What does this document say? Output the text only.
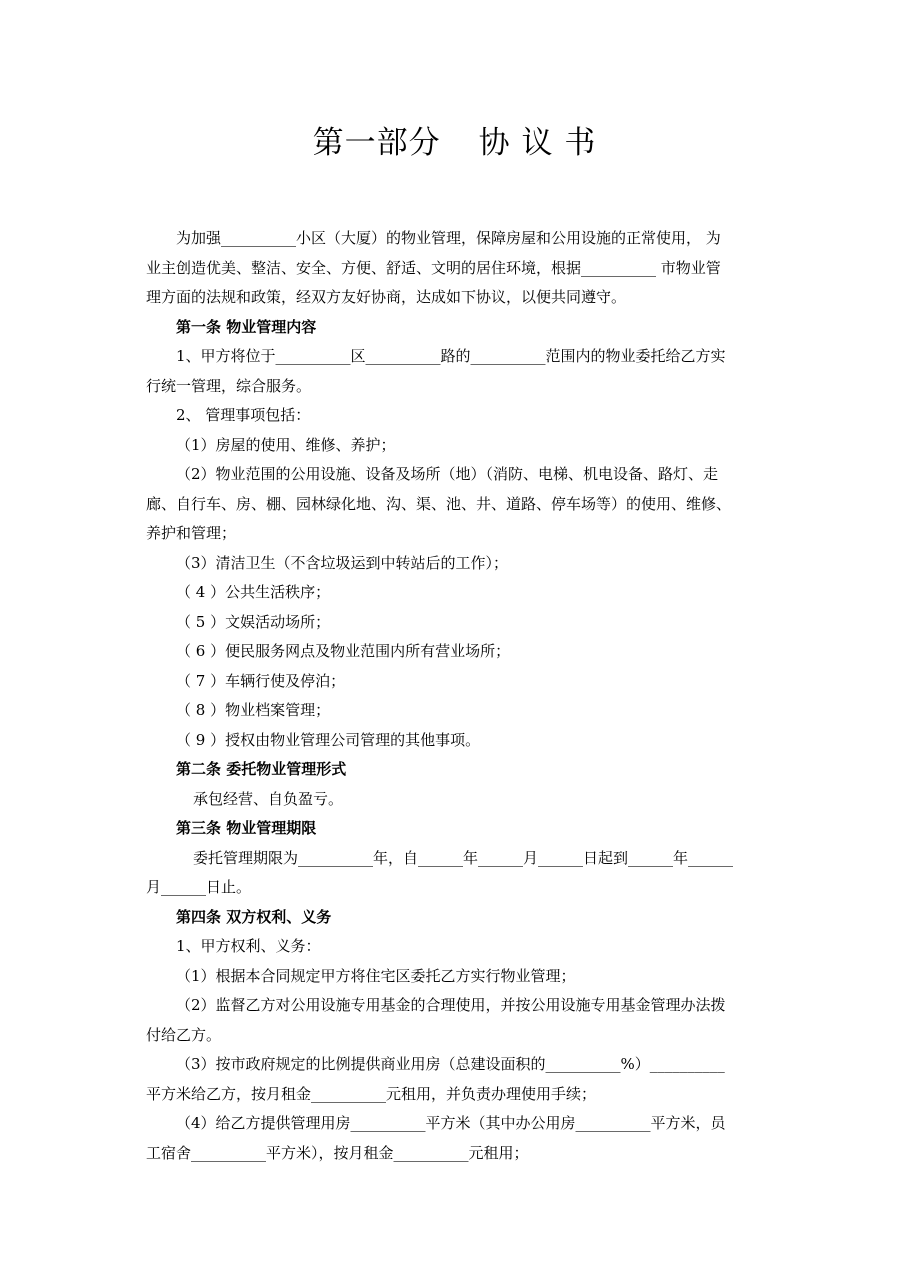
第一部分 协 议 书
为加强__________小区（大厦）的物业管理，保障房屋和公用设施的正常使用， 为
业主创造优美、整洁、安全、方便、舒适、文明的居住环境，根据__________ 市物业管
理方面的法规和政策，经双方友好协商，达成如下协议，以便共同遵守。
第一条 物业管理内容
1、甲方将位于__________区__________路的__________范围内的物业委托给乙方实
行统一管理，综合服务。
2、 管理事项包括：
（1）房屋的使用、维修、养护；
（2）物业范围的公用设施、设备及场所（地）（消防、电梯、机电设备、路灯、走
廊、自行车、房、棚、园林绿化地、沟、渠、池、井、道路、停车场等）的使用、维修、
养护和管理；
（3）清洁卫生（不含垃圾运到中转站后的工作）；
（ 4 ）公共生活秩序；
（ 5 ）文娱活动场所；
（ 6 ）便民服务网点及物业范围内所有营业场所；
（ 7 ）车辆行使及停泊；
（ 8 ）物业档案管理；
（ 9 ）授权由物业管理公司管理的其他事项。
第二条 委托物业管理形式
承包经营、自负盈亏。
第三条 物业管理期限
委托管理期限为__________年，自______年______月______日起到______年______
月______日止。
第四条 双方权利、义务
1、甲方权利、义务：
（1）根据本合同规定甲方将住宅区委托乙方实行物业管理；
（2）监督乙方对公用设施专用基金的合理使用，并按公用设施专用基金管理办法拨
付给乙方。
（3）按市政府规定的比例提供商业用房（总建设面积的__________%）__________
平方米给乙方，按月租金__________元租用，并负责办理使用手续；
（4）给乙方提供管理用房__________平方米（其中办公用房__________平方米，员
工宿舍__________平方米），按月租金__________元租用；
